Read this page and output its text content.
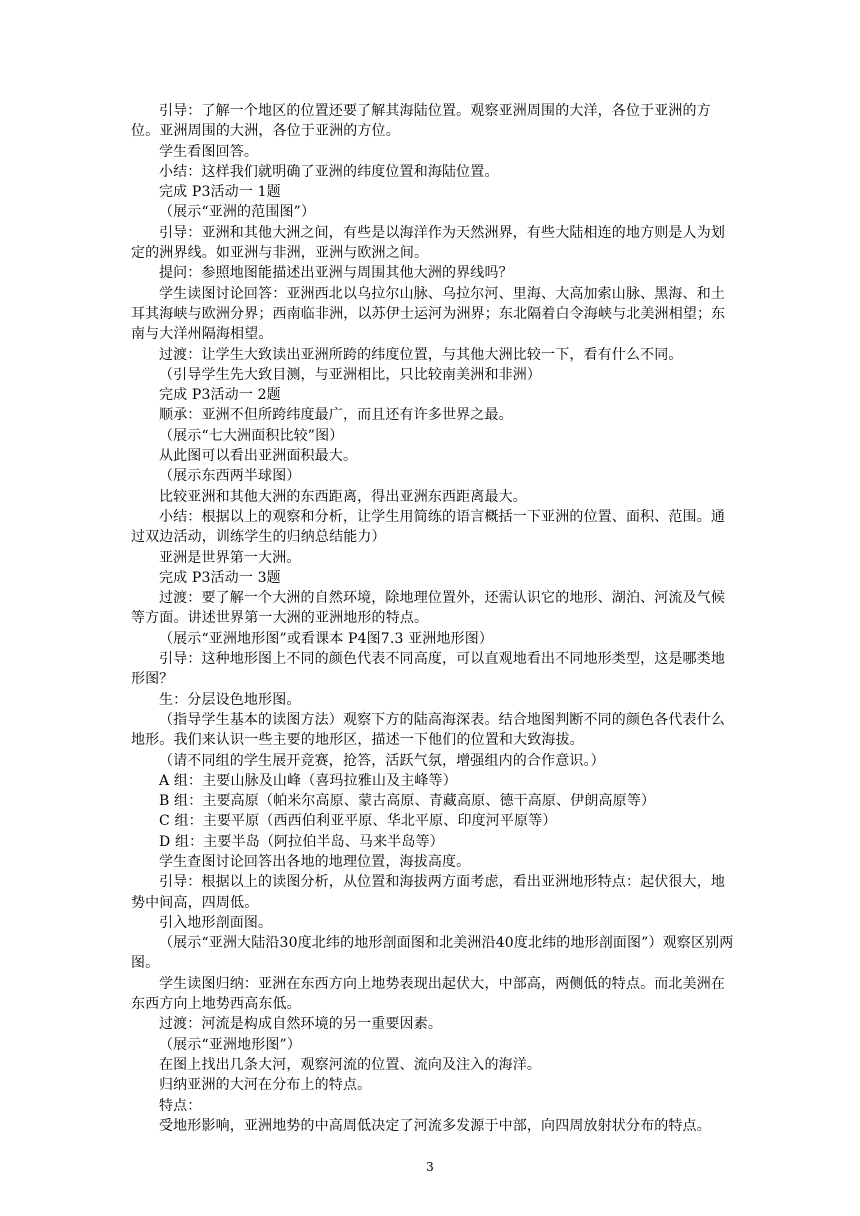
引导：了解一个地区的位置还要了解其海陆位置。观察亚洲周围的大洋，各位于亚洲的方位。亚洲周围的大洲，各位于亚洲的方位。

学生看图回答。

小结：这样我们就明确了亚洲的纬度位置和海陆位置。

完成 P3活动一 1题

（展示“亚洲的范围图”）

引导：亚洲和其他大洲之间，有些是以海洋作为天然洲界，有些大陆相连的地方则是人为划定的洲界线。如亚洲与非洲，亚洲与欧洲之间。

提问：参照地图能描述出亚洲与周围其他大洲的界线吗？

学生读图讨论回答：亚洲西北以乌拉尔山脉、乌拉尔河、里海、大高加索山脉、黑海、和土耳其海峡与欧洲分界；西南临非洲，以苏伊士运河为洲界；东北隔着白令海峡与北美洲相望；东南与大洋州隔海相望。

过渡：让学生大致读出亚洲所跨的纬度位置，与其他大洲比较一下，看有什么不同。

（引导学生先大致目测，与亚洲相比，只比较南美洲和非洲）

完成 P3活动一 2题

顺承：亚洲不但所跨纬度最广，而且还有许多世界之最。

（展示“七大洲面积比较”图）

从此图可以看出亚洲面积最大。

（展示东西两半球图）

比较亚洲和其他大洲的东西距离，得出亚洲东西距离最大。

小结：根据以上的观察和分析，让学生用简练的语言概括一下亚洲的位置、面积、范围。通过双边活动，训练学生的归纳总结能力）

亚洲是世界第一大洲。

完成 P3活动一 3题

过渡：要了解一个大洲的自然环境，除地理位置外，还需认识它的地形、湖泊、河流及气候等方面。讲述世界第一大洲的亚洲地形的特点。

（展示“亚洲地形图”或看课本 P4图7.3 亚洲地形图）

引导：这种地形图上不同的颜色代表不同高度，可以直观地看出不同地形类型，这是哪类地形图？

生：分层设色地形图。

（指导学生基本的读图方法）观察下方的陆高海深表。结合地图判断不同的颜色各代表什么地形。我们来认识一些主要的地形区，描述一下他们的位置和大致海拔。

（请不同组的学生展开竞赛，抢答，活跃气氛，增强组内的合作意识。）

A 组：主要山脉及山峰（喜玛拉雅山及主峰等）

B 组：主要高原（帕米尔高原、蒙古高原、青藏高原、德干高原、伊朗高原等）

C 组：主要平原（西西伯利亚平原、华北平原、印度河平原等）

D 组：主要半岛（阿拉伯半岛、马来半岛等）

学生查图讨论回答出各地的地理位置，海拔高度。

引导：根据以上的读图分析，从位置和海拔两方面考虑，看出亚洲地形特点：起伏很大，地势中间高，四周低。

引入地形剖面图。

（展示“亚洲大陆沿30度北纬的地形剖面图和北美洲沿40度北纬的地形剖面图”）观察区别两图。

学生读图归纳：亚洲在东西方向上地势表现出起伏大，中部高，两侧低的特点。而北美洲在东西方向上地势西高东低。

过渡：河流是构成自然环境的另一重要因素。

（展示“亚洲地形图”）

在图上找出几条大河，观察河流的位置、流向及注入的海洋。

归纳亚洲的大河在分布上的特点。

特点：

受地形影响，亚洲地势的中高周低决定了河流多发源于中部，向四周放射状分布的特点。

3
